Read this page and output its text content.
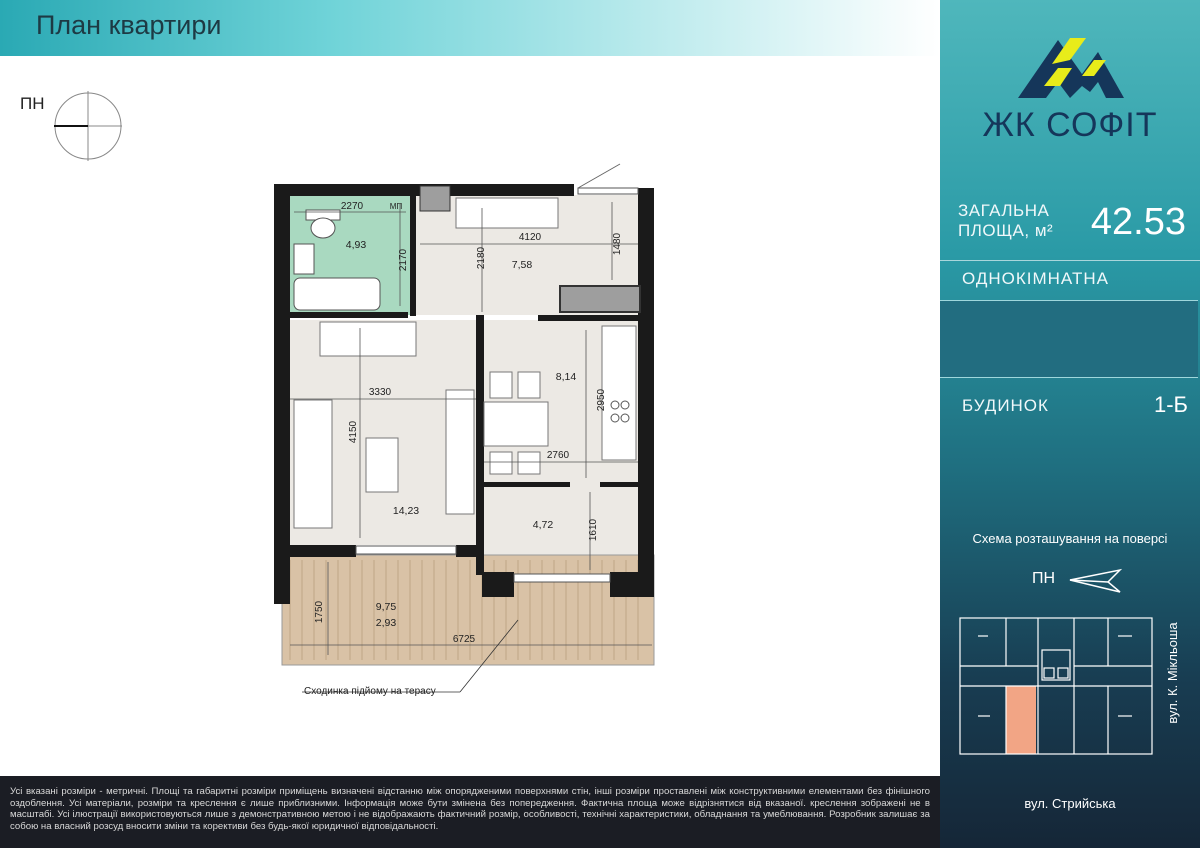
План квартири
ПН
2270
2170	2180
4120	1480
3330
4150
2950
2760
1610
1750
6725
МП
4,93
7,58
8,14
14,23
4,72
9,75
2,93
Сходинка підйому на терасу
Усі вказані розміри - метричні. Площі та габаритні розміри приміщень визначені відстанню між опорядженими поверхнями стін, інші розміри проставлені між конструктивними елементами без фінішного оздоблення. Усі матеріали, розміри та креслення є лише приблизними. Інформація може бути змінена без попередження. Фактична площа може відрізнятися від вказаної. креслення зображені не в масштабі. Усі ілюстрації використовуються лише з демонстративною метою і не відображають фактичний розмір, особливості, технічні характеристики, обладнання та умеблювання. Розробник залишає за собою на власний розсуд вносити зміни та корективи без будь-якої юридичної відповідальності.
ЖК СОФІТ
ЗАГАЛЬНА
ПЛОЩА, м² 42.53
ОДНОКІМНАТНА
БУДИНОК	1-Б
Схема розташування на поверсі
ПН
вул. К. Мікльоша
вул. Стрийська
